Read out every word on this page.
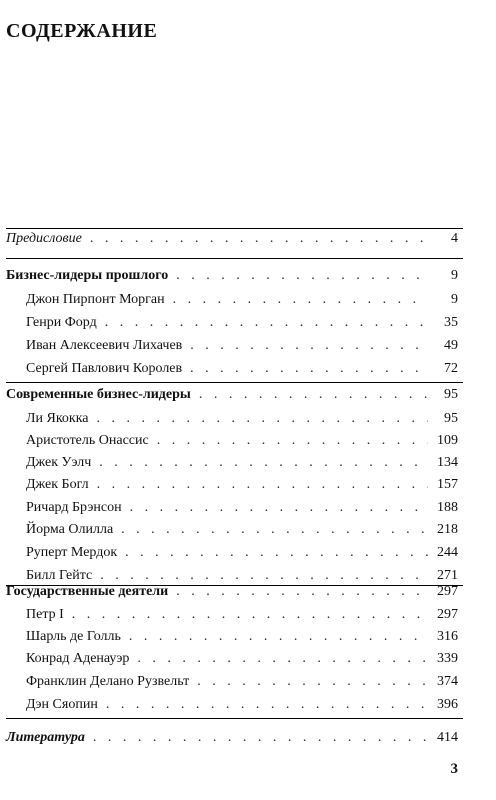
СОДЕРЖАНИЕ
Предисловие . . .	4
Бизнес-лидеры прошлого . . .	9
Джон Пирпонт Морган . . .	9
Генри Форд . . .	35
Иван Алексеевич Лихачев . . .	49
Сергей Павлович Королев . . .	72
Современные бизнес-лидеры . . .	95
Ли Якокка . . .	95
Аристотель Онассис . . .	109
Джек Уэлч . . .	134
Джек Богл . . .	157
Ричард Брэнсон . . .	188
Йорма Олилла . . .	218
Руперт Мердок . . .	244
Билл Гейтс . . .	271
Государственные деятели . . .	297
Петр I . . .	297
Шарль де Голль . . .	316
Конрад Аденауэр . . .	339
Франклин Делано Рузвельт . . .	374
Дэн Сяопин . . .	396
Литература . . .	414
3
